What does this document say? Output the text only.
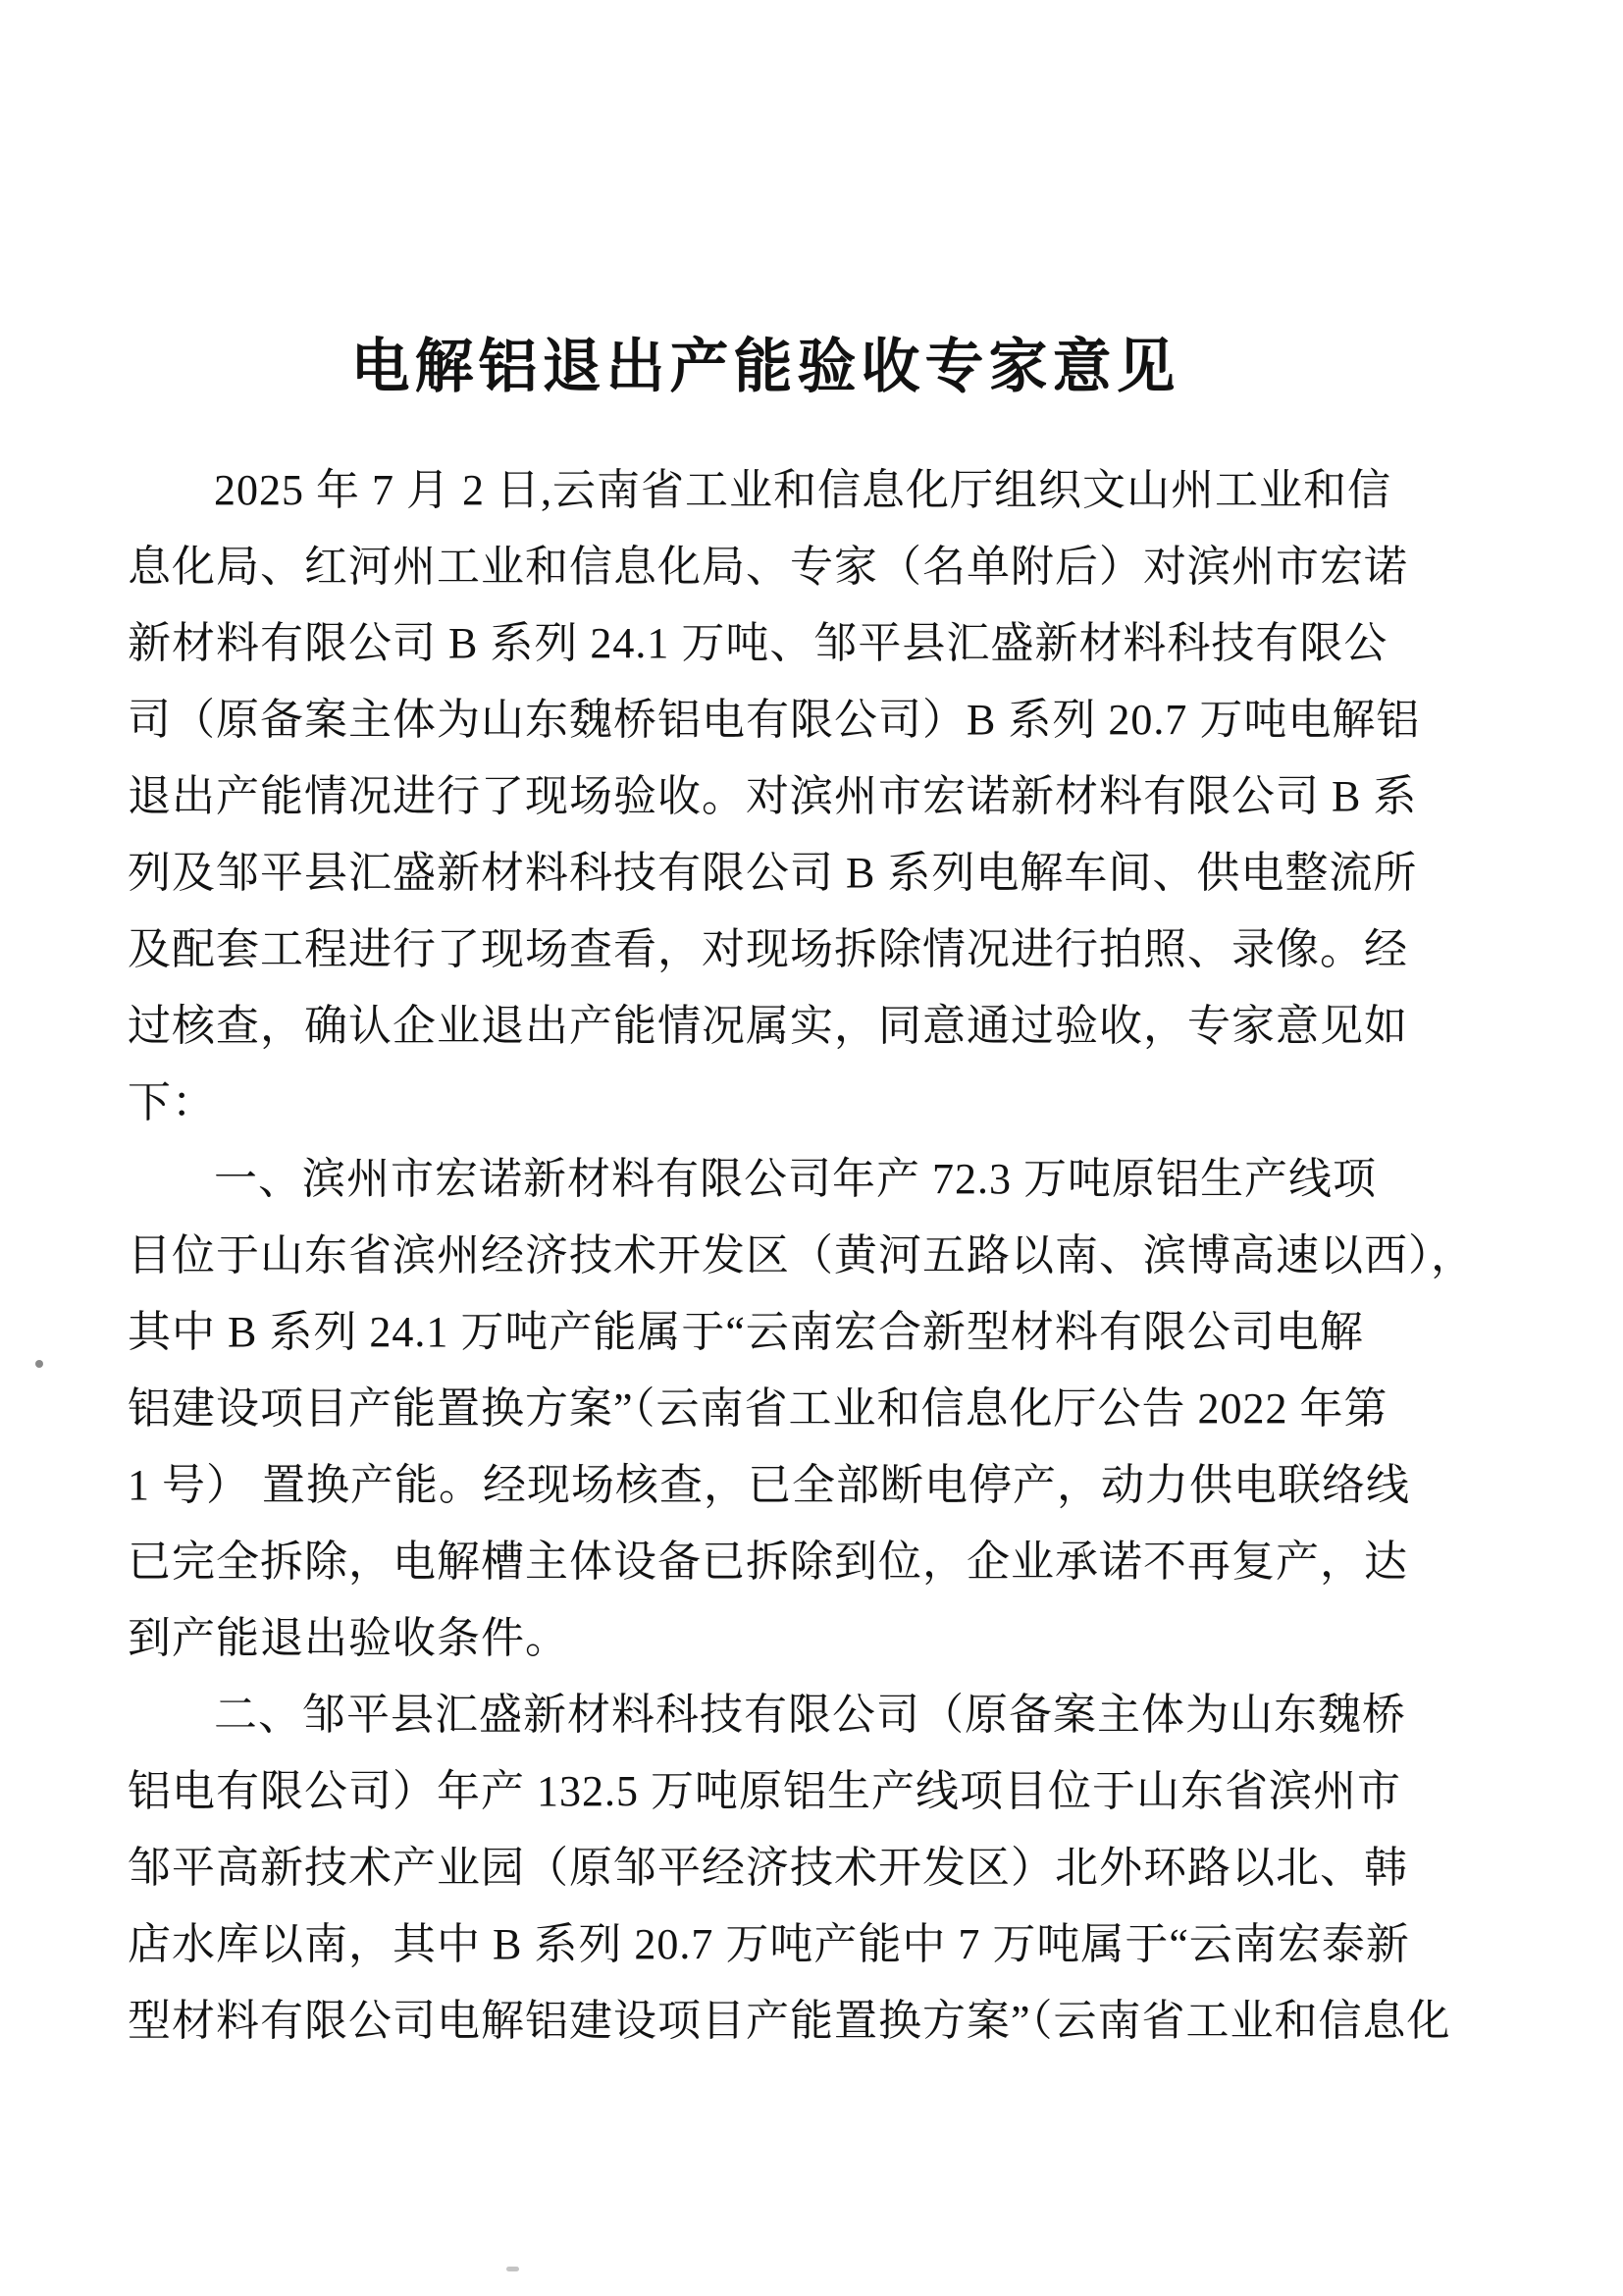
电解铝退出产能验收专家意见
2025 年 7 月 2 日,云南省工业和信息化厅组织文山州工业和信
息化局、红河州工业和信息化局、专家（名单附后）对滨州市宏诺
新材料有限公司 B 系列 24.1 万吨、邹平县汇盛新材料科技有限公
司（原备案主体为山东魏桥铝电有限公司）B 系列 20.7 万吨电解铝
退出产能情况进行了现场验收。对滨州市宏诺新材料有限公司 B 系
列及邹平县汇盛新材料科技有限公司 B 系列电解车间、供电整流所
及配套工程进行了现场查看，对现场拆除情况进行拍照、录像。经
过核查，确认企业退出产能情况属实，同意通过验收，专家意见如
下：
一、滨州市宏诺新材料有限公司年产 72.3 万吨原铝生产线项
目位于山东省滨州经济技术开发区（黄河五路以南、滨博高速以西），
其中 B 系列 24.1 万吨产能属于“云南宏合新型材料有限公司电解
铝建设项目产能置换方案”（云南省工业和信息化厅公告 2022 年第
1 号） 置换产能。经现场核查，已全部断电停产，动力供电联络线
已完全拆除，电解槽主体设备已拆除到位，企业承诺不再复产，达
到产能退出验收条件。
二、邹平县汇盛新材料科技有限公司（原备案主体为山东魏桥
铝电有限公司）年产 132.5 万吨原铝生产线项目位于山东省滨州市
邹平高新技术产业园（原邹平经济技术开发区）北外环路以北、韩
店水库以南，其中 B 系列 20.7 万吨产能中 7 万吨属于“云南宏泰新
型材料有限公司电解铝建设项目产能置换方案”（云南省工业和信息化
